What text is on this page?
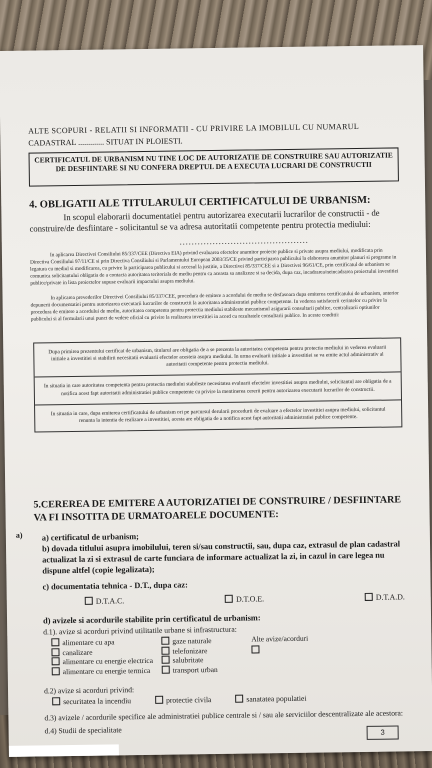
ALTE SCOPURI - RELATII SI INFORMATII - CU PRIVIRE LA IMOBILUL CU NUMARUL
CADASTRAL ............. SITUAT IN PLOIESTI.
CERTIFICATUL DE URBANISM NU TINE LOC DE AUTORIZATIE DE CONSTRUIRE SAU AUTORIZATIE DE DESFIINTARE SI NU CONFERA DREPTUL DE A EXECUTA LUCRARI DE CONSTRUCTII
4. OBLIGATII ALE TITULARULUI CERTIFICATULUI DE URBANISM:
In scopul elaborarii documentatiei pentru autorizarea executarii lucrarilor de constructii - de construire/de desfiintare - solicitantul se va adresa autoritatii competente pentru protectia mediului:
...........................................
In aplicarea Directivei Consiliului 85/337/CEE (Directiva EIA) privind evaluarea efectelor anumitor proiecte publice si private asupra mediului, modificata prin Directiva Consiliului 97/11/CE si prin Directiva Consiliului si Parlamentului European 2003/35/CE privind participarea publicului la elaborarea anumitor planuri si programe in legatura cu mediul si modificarea, cu privire la participarea publicului si accesul la justitie, a Directivei 85/337/CEE si a Directivei 96/61/CE, prin certificatul de urbanism se comunica solicitantului obligatia de a contacta autoritatea teritoriala de mediu pentru ca aceasta sa analizeze si sa decida, dupa caz, incadrarea/neincadrarea proiectului investitiei publice/private in lista proiectelor supuse evaluarii impactului asupra mediului.
In aplicarea prevederilor Directivei Consiliului 85/337/CEE, procedura de emitere a acordului de mediu se desfasoara dupa emiterea certificatului de urbanism, anterior depunerii documentatiei pentru autorizarea executarii lucrarilor de constructii la autoritatea administratiei publice competente. In vederea satisfacerii cerintelor cu privire la procedura de emitere a acordului de mediu, autoritatea competenta pentru protectia mediului stabileste mecanismul asigurarii consultarii publice, centralizarii optiunilor publicului si al formularii unui punct de vedere oficial cu privire la realizarea investitiei in acord cu rezultatele consultarii publice. In aceste conditii:
Dupa primirea prezentului certificat de urbanism, titularul are obligatia de a se prezenta la autoritatea competenta pentru protectia mediului in vederea evaluarii initiale a investitiei si stabilirii necesitatii evaluarii efectelor acesteia asupra mediului. In urma evaluarii initiale a investitiei se va emite actul administrativ al autoritatii competente pentru protectia mediului.
In situatia in care autoritatea competenta pentru protectia mediului stabileste necesitatea evaluarii efectelor investitiei asupra mediului, solicitantul are obligatia de a notifica acest fapt autoritatii administratiei publice competente cu privire la mentinerea cererii pentru autorizarea executarii lucrarilor de constructii.
In situatia in care, dupa emiterea certificatului de urbanism ori pe parcursul derularii procedurii de evaluare a efectelor investitiei asupra mediului, solicitantul renunta la intentia de realizare a investitiei, acesta are obligatia de a notifica acest fapt autoritatii administratiei publice competente.
5.CEREREA DE EMITERE A AUTORIZATIEI DE CONSTRUIRE / DESFIINTARE VA FI INSOTITA DE URMATOARELE DOCUMENTE:
a) a) certificatul de urbanism;
b) dovada titlului asupra imobilului, teren si/sau constructii, sau, dupa caz, extrasul de plan cadastral actualizat la zi si extrasul de carte funciara de informare actualizat la zi, in cazul in care legea nu dispune altfel (copie legalizata);
c) documentatia tehnica - D.T., dupa caz:
D.T.A.C.	D.T.O.E.	D.T.A.D.
d) avizele si acordurile stabilite prin certificatul de urbanism:
d.1). avize si acorduri privind utilitatile urbane si infrastructura:
alimentare cu apa	gaze naturale	Alte avize/acorduri
canalizare	telefonizare
alimentare cu energie electrica	salubritate
alimentare cu energie termica	transport urban
d.2) avize si acorduri privind:
securitatea la incendiu	protectie civila	sanatatea populatiei
d.3) avizele / acordurile specifice ale administratiei publice centrale si / sau ale serviciilor descentralizate ale acestora:
d.4) Studii de specialitate	3
